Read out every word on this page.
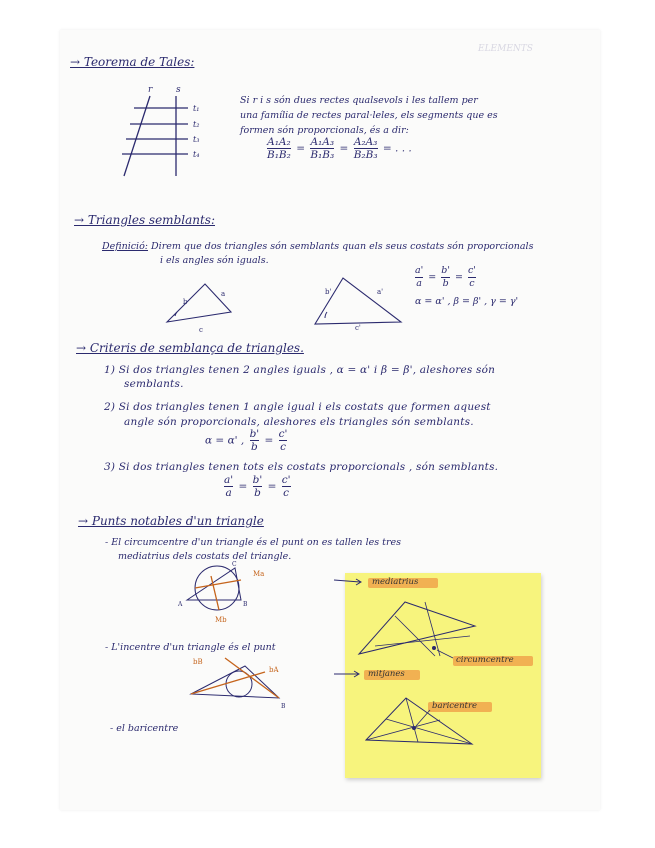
ELEMENTS
→ Teorema de Tales:
r	s
t₁
t₂
t₃
t₄
Si r i s són dues rectes qualsevols i les tallem per
una família de rectes paral·leles, els segments que es
formen són proporcionals, és a dir:
$\frac{\text{A₁A₂}}{\text{B₁B₂}} = \frac{\text{A₁A₃}}{\text{B₁B₃}} = \frac{\text{A₂A₃}}{\text{B₂B₃}}$ = . . .
→ Triangles semblants:
Definició: Direm que dos triangles són semblants quan els seus costats són proporcionals
i els angles són iguals.
b
a
c
b'	a'
c'
$\frac{a'}{a} = \frac{b'}{b} = \frac{c'}{c}$
α = α' , β = β' , γ = γ'
→ Criteris de semblança de triangles.
1) Si dos triangles tenen 2 angles iguals , α = α' i β = β', aleshores són
semblants.
2) Si dos triangles tenen 1 angle igual i els costats que formen aquest
angle són proporcionals, aleshores els triangles són semblants.
α = α' , $\frac{b'}{b} = \frac{c'}{c}$
3) Si dos triangles tenen tots els costats proporcionals , són semblants.
$\frac{a'}{a} = \frac{b'}{b} = \frac{c'}{c}$
→ Punts notables d'un triangle
- El circumcentre d'un triangle és el punt on es tallen les tres
mediatrius dels costats del triangle.
C
A	B
Ma
Mb
- L'incentre d'un triangle és el punt
bB
bA
B
- el baricentre
mediatrius
circumcentre
mitjanes
baricentre
